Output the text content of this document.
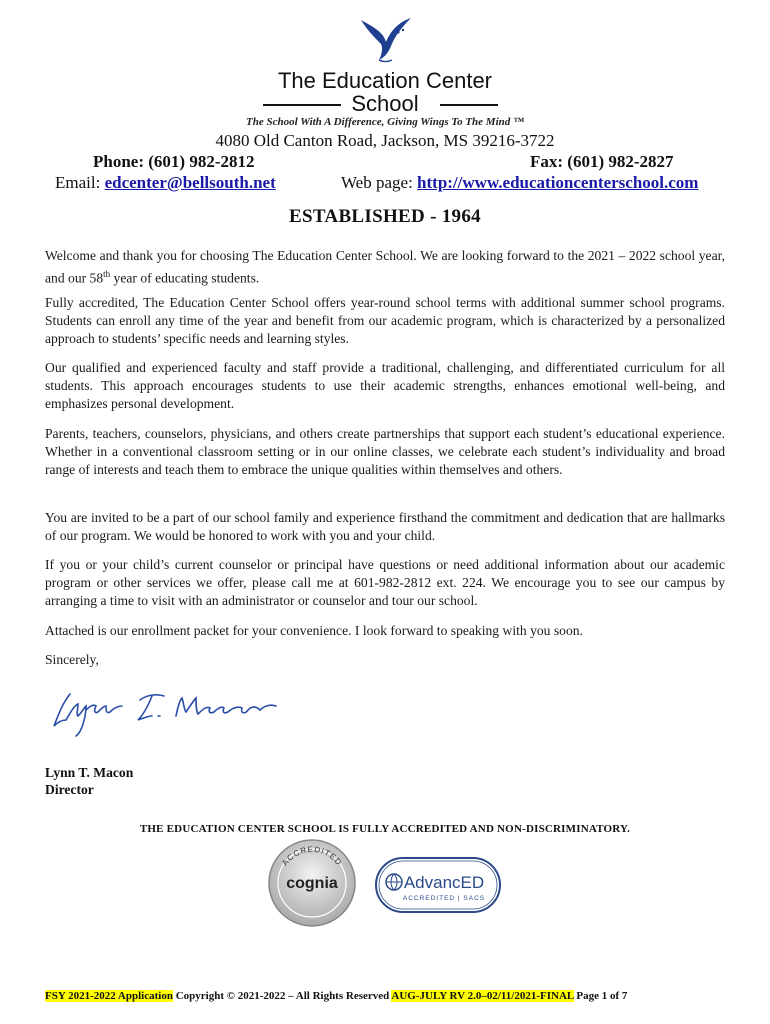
The Education Center
School
The School With A Difference, Giving Wings To The Mind ™
4080 Old Canton Road, Jackson, MS 39216-3722
Phone: (601) 982-2812	Fax: (601) 982-2827
Email: edcenter@bellsouth.net	Web page: http://www.educationcenterschool.com
ESTABLISHED - 1964
Welcome and thank you for choosing The Education Center School. We are looking forward to the 2021 – 2022 school year, and our 58th year of educating students.
Fully accredited, The Education Center School offers year-round school terms with additional summer school programs. Students can enroll any time of the year and benefit from our academic program, which is characterized by a personalized approach to students’ specific needs and learning styles.
Our qualified and experienced faculty and staff provide a traditional, challenging, and differentiated curriculum for all students. This approach encourages students to use their academic strengths, enhances emotional well-being, and emphasizes personal development.
Parents, teachers, counselors, physicians, and others create partnerships that support each student’s educational experience. Whether in a conventional classroom setting or in our online classes, we celebrate each student’s individuality and broad range of interests and teach them to embrace the unique qualities within themselves and others.
You are invited to be a part of our school family and experience firsthand the commitment and dedication that are hallmarks of our program. We would be honored to work with you and your child.
If you or your child’s current counselor or principal have questions or need additional information about our academic program or other services we offer, please call me at 601-982-2812 ext. 224. We encourage you to see our campus by arranging a time to visit with an administrator or counselor and tour our school.
Attached is our enrollment packet for your convenience. I look forward to speaking with you soon.
Sincerely,
Lynn T. Macon
Director
THE EDUCATION CENTER SCHOOL IS FULLY ACCREDITED AND NON-DISCRIMINATORY.
ACCREDITED
cognia	AdvancED
ACCREDITED | SACS
FSY 2021-2022 Application Copyright © 2021-2022 – All Rights Reserved AUG-JULY RV 2.0–02/11/2021-FINAL Page 1 of 7
